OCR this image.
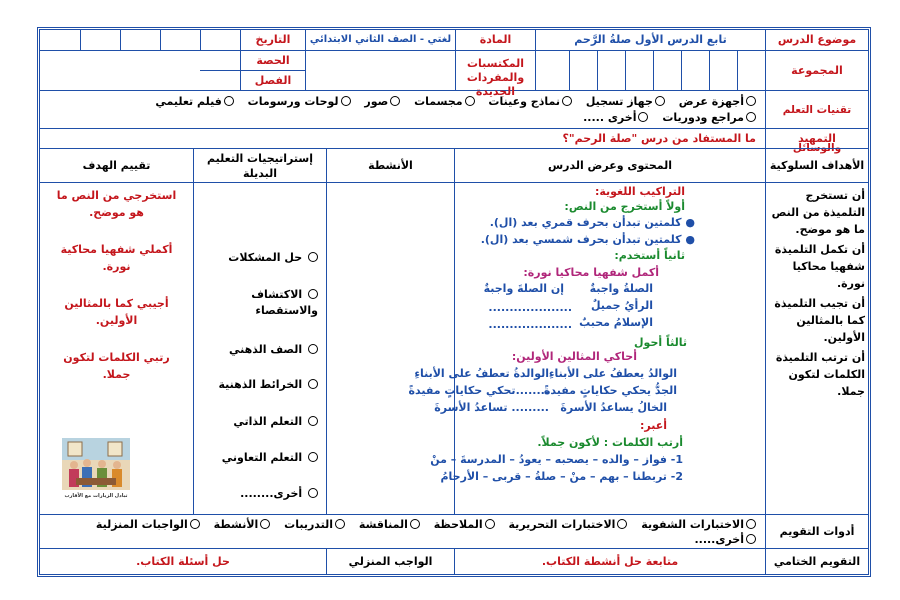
موضوع الدرس
تابع الدرس الأول صلةُ الرَّحم
المادة
لغتي - الصف الثاني الابتدائي
التاريخ
المجموعة
المكتسبات والمفردات الجديدة
الحصة
الفصل
تقنيات التعلم والوسائل
أجهزة عرض جهاز تسجيل نماذج وعينات مجسمات صور لوحات ورسومات فيلم تعليمي
مراجع ودوريات أخرى .....
التمهيد
ما المستفاد من درس "صلة الرحم"؟
الأهداف السلوكية
المحتوى وعرض الدرس
الأنشطة
إستراتيجيات التعليم البديلة
تقييم الهدف
أن تستخرج التلميذة من النص ما هو موضح.
أن تكمل التلميذة شفهيا محاكيا نورة.
أن تجيب التلميذة كما بالمثالين الأولين.
أن ترتب التلميذة الكلمات لتكون جملا.
التراكيب اللغوية:
أولاً أستخرج من النص:
● كلمتين تبدأن بحرف قمري بعد (ال).
● كلمتين تبدأن بحرف شمسي بعد (ال).
ثانياً أستخدم:
أكمل شفهيا محاكيا نورة:
الصلةُ واجبةٌ
إن الصلةَ واجبةٌ
الرأيُ جميلٌ
....................
الإسلامُ محببٌ
....................
ثالثاً أحول
أحاكي المثالين الأولين:
الوالدُ يعطفُ على الأبناءِ
الوالدةُ تعطفُ على الأبناءِ
الجدُّ يحكي حكاياتٍ مفيدةً
........تحكي حكاياتٍ مفيدةً
الخالُ يساعدُ الأسرةَ
......... تساعدُ الأسرةَ
أعبر:
أرتب الكلمات : لأكون جملاً.
1- فواز – والده – يصحبه – يعودُ – المدرسةَ – منْ
2- تربطنا – بهم – منْ – صلةُ – قربى – الأرحامُ
حل المشكلات
الاكتشاف والاستقصاء
الصف الذهني
الخرائط الذهنية
التعلم الذاتي
التعلم التعاوني
أخرى........
استخرجي من النص ما هو موضح.
أكملي شفهيا محاكية نورة.
أجيبي كما بالمثالين الأولين.
رتبي الكلمات لتكون جملا.
تبادل الزيارات مع الأقارب
أدوات التقويم
الاختبارات الشفوية الاختبارات التحريرية الملاحظة المناقشة التدريبات الأنشطة الواجبات المنزلية
أخرى.....
التقويم الختامي
متابعة حل أنشطة الكتاب.
الواجب المنزلي
حل أسئلة الكتاب.
